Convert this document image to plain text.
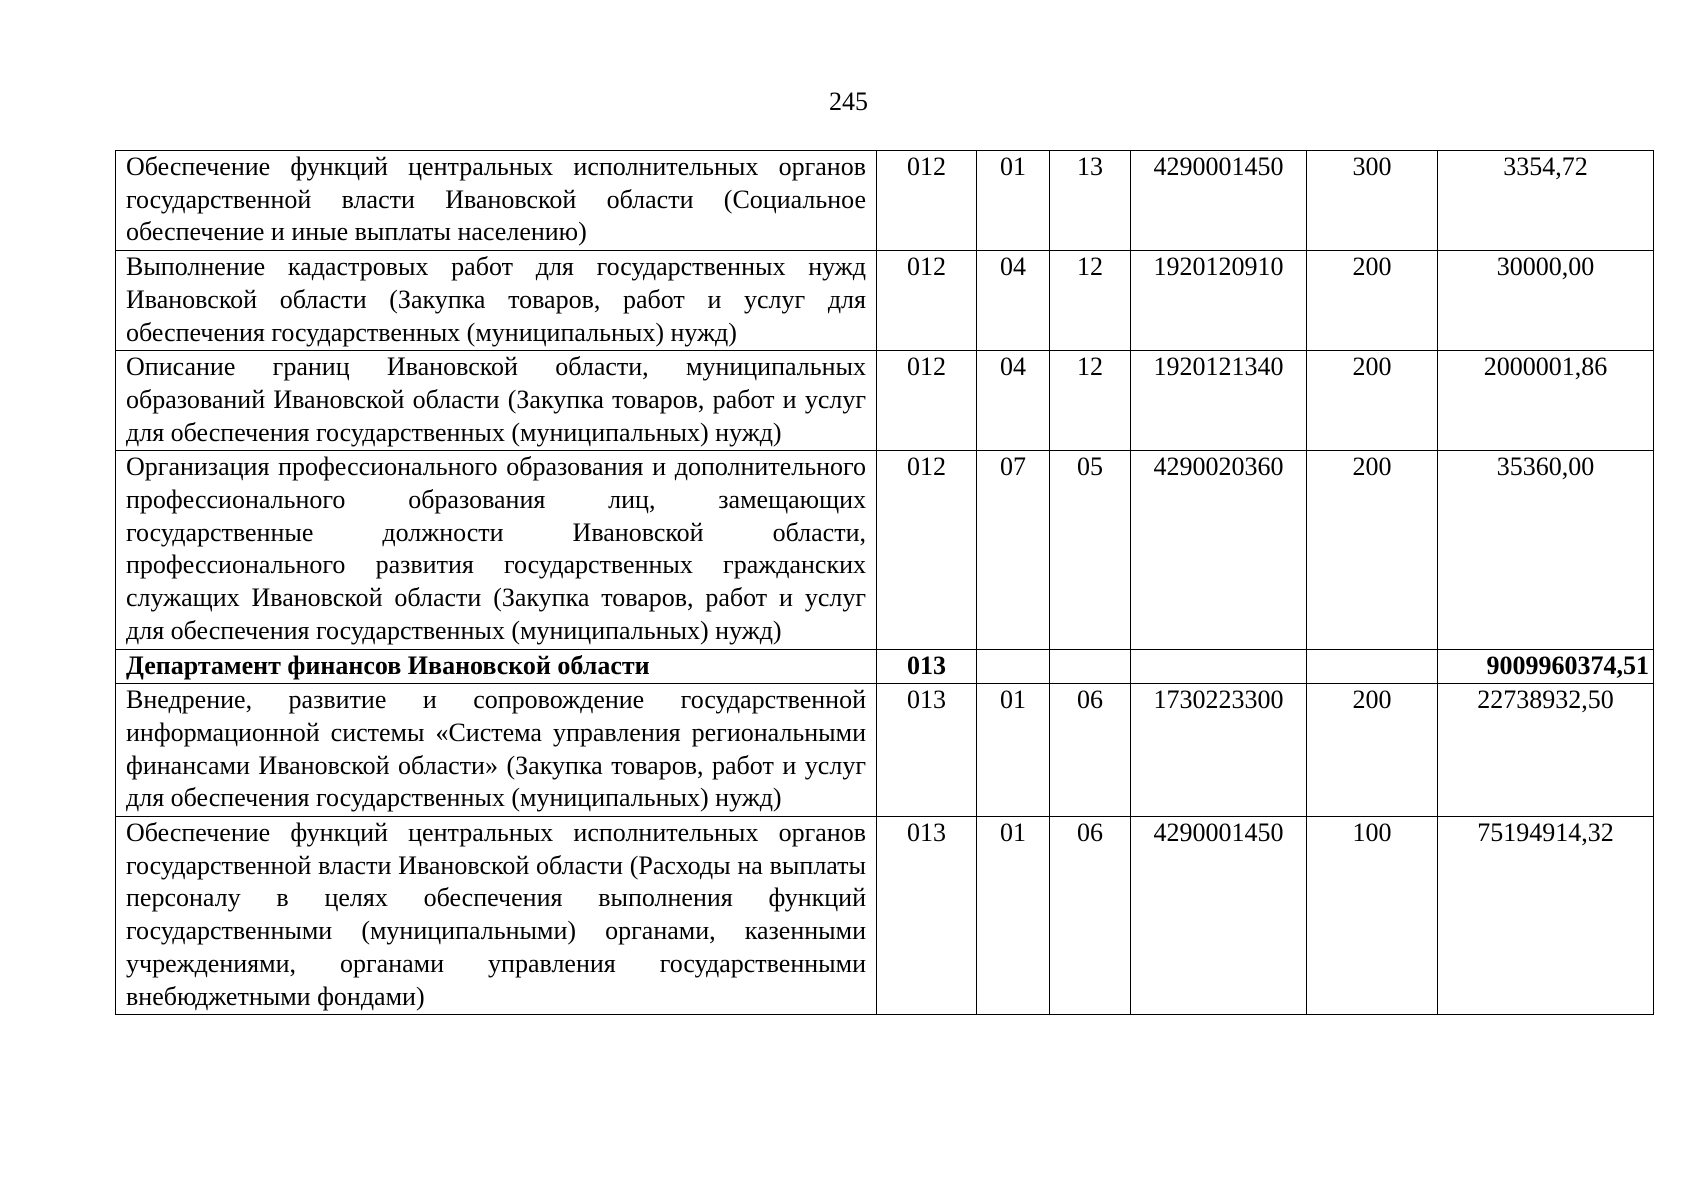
245
Обеспечение функций центральных исполнительных органов государственной власти Ивановской области (Социальное обеспечение и иные выплаты населению)	012	01	13	4290001450	300	3354,72
Выполнение кадастровых работ для государственных нужд Ивановской области (Закупка товаров, работ и услуг для обеспечения государственных (муниципальных) нужд)	012	04	12	1920120910	200	30000,00
Описание границ Ивановской области, муниципальных образований Ивановской области (Закупка товаров, работ и услуг для обеспечения государственных (муниципальных) нужд)	012	04	12	1920121340	200	2000001,86
Организация профессионального образования и дополнительного профессионального образования лиц, замещающих государственные должности Ивановской области, профессионального развития государственных гражданских служащих Ивановской области (Закупка товаров, работ и услуг для обеспечения государственных (муниципальных) нужд)	012	07	05	4290020360	200	35360,00
Департамент финансов Ивановской области	013					9009960374,51
Внедрение, развитие и сопровождение государственной информационной системы «Система управления региональными финансами Ивановской области» (Закупка товаров, работ и услуг для обеспечения государственных (муниципальных) нужд)	013	01	06	1730223300	200	22738932,50
Обеспечение функций центральных исполнительных органов государственной власти Ивановской области (Расходы на выплаты персоналу в целях обеспечения выполнения функций государственными (муниципальными) органами, казенными учреждениями, органами управления государственными внебюджетными фондами)	013	01	06	4290001450	100	75194914,32
